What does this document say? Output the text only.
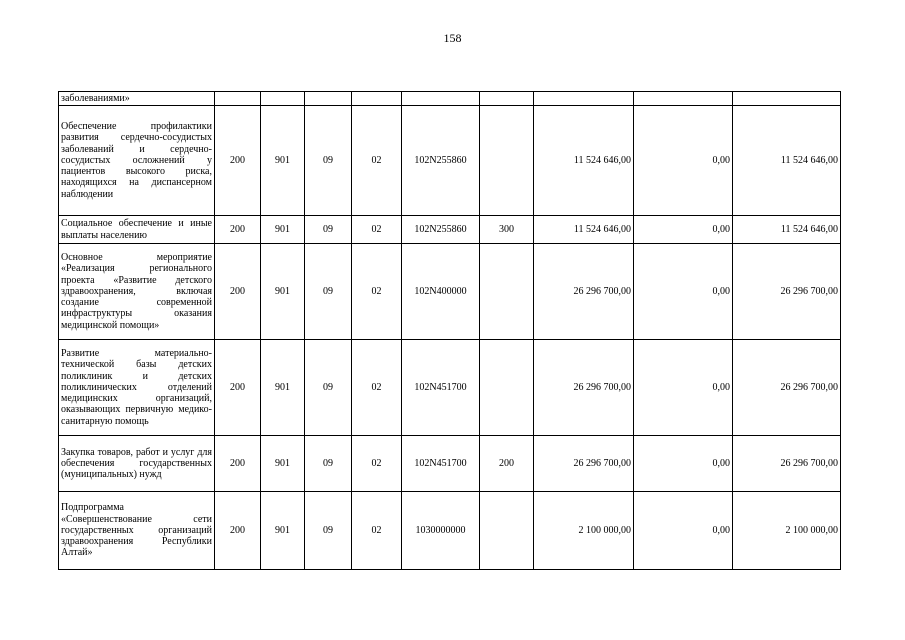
158
заболеваниями»									
Обеспечение профилактики развития сердечно-сосудистых заболеваний и сердечно-сосудистых осложнений у пациентов высокого риска, находящихся на диспансерном наблюдении	200	901	09	02	102N255860		11 524 646,00	0,00	11 524 646,00
Социальное обеспечение и иные выплаты населению	200	901	09	02	102N255860	300	11 524 646,00	0,00	11 524 646,00
Основное мероприятие «Реализация регионального проекта «Развитие детского здравоохранения, включая создание современной инфраструктуры оказания медицинской помощи»	200	901	09	02	102N400000		26 296 700,00	0,00	26 296 700,00
Развитие материально-технической базы детских поликлиник и детских поликлинических отделений медицинских организаций, оказывающих первичную медико-санитарную помощь	200	901	09	02	102N451700		26 296 700,00	0,00	26 296 700,00
Закупка товаров, работ и услуг для обеспечения государственных (муниципальных) нужд	200	901	09	02	102N451700	200	26 296 700,00	0,00	26 296 700,00
Подпрограмма «Совершенствование сети государственных организаций здравоохранения Республики Алтай»	200	901	09	02	1030000000		2 100 000,00	0,00	2 100 000,00
